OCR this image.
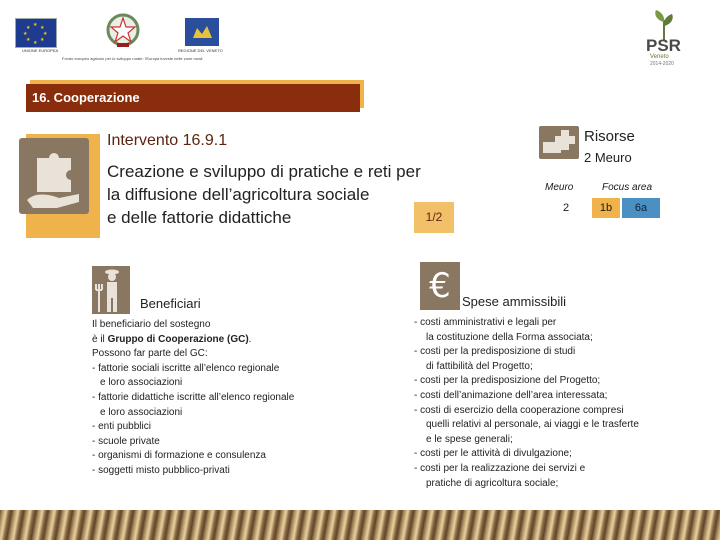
★ ★
★
★
★
★
★
★
UNIONE EUROPEA	REGIONE DEL VENETO
Fondo europeo agricolo per lo sviluppo rurale: l'Europa investe nelle zone rurali
PSR
Veneto
2014-2020
16. Cooperazione
Intervento 16.9.1
Creazione e sviluppo di pratiche e reti per
la diffusione dell’agricoltura sociale
e delle fattorie didattiche	1/2
Risorse
2 Meuro
Meuro	Focus area
2	1b	6a
Beneficiari
Il beneficiario del sostegno
è il Gruppo di Cooperazione (GC).
Possono far parte del GC:
- fattorie sociali iscritte all’elenco regionale
e loro associazioni
- fattorie didattiche iscritte all’elenco regionale
e loro associazioni
- enti pubblici
- scuole private
- organismi di formazione e consulenza
- soggetti misto pubblico-privati
€ Spese ammissibili
- costi amministrativi e legali per
la costituzione della Forma associata;
- costi per la predisposizione di studi
di fattibilità del Progetto;
- costi per la predisposizione del Progetto;
- costi dell’animazione dell’area interessata;
- costi di esercizio della cooperazione compresi
quelli relativi al personale, ai viaggi e le trasferte
e le spese generali;
- costi per le attività di divulgazione;
- costi per la realizzazione dei servizi e
pratiche di agricoltura sociale;
